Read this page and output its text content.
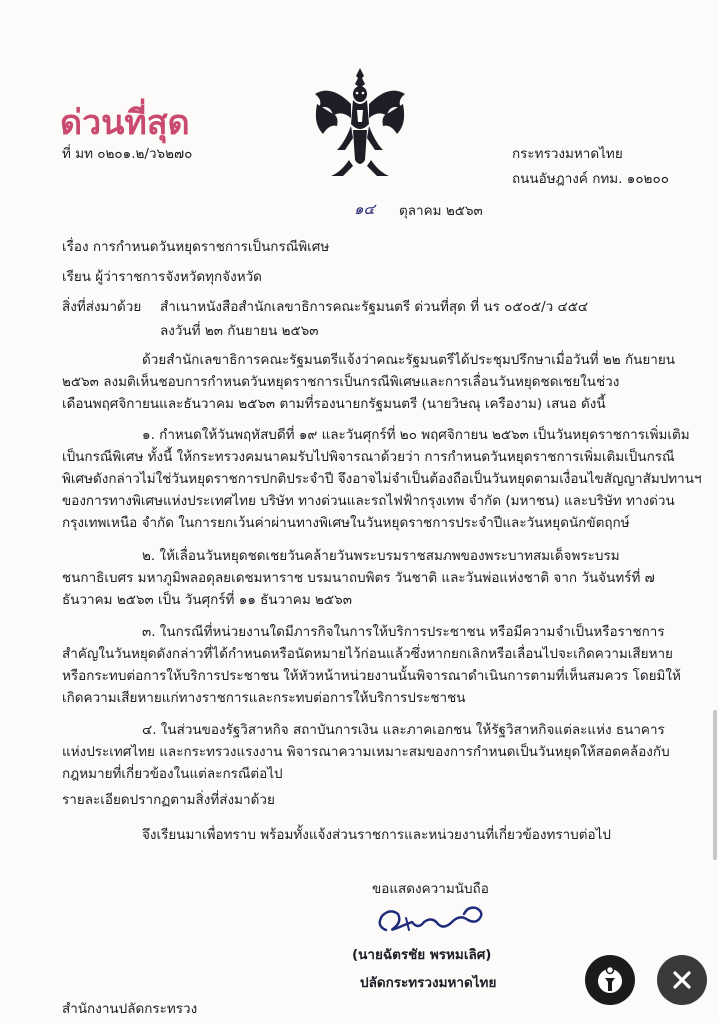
ด่วนที่สุด
ที่ มท ๐๒๐๑.๒/ว๖๒๗๐	กระทรวงมหาดไทย
ถนนอัษฎางค์ กทม. ๑๐๒๐๐
๑๔ ตุลาคม ๒๕๖๓
เรื่อง การกำหนดวันหยุดราชการเป็นกรณีพิเศษ
เรียน ผู้ว่าราชการจังหวัดทุกจังหวัด
สิ่งที่ส่งมาด้วย สำเนาหนังสือสำนักเลขาธิการคณะรัฐมนตรี ด่วนที่สุด ที่ นร ๐๕๐๕/ว ๔๕๔
ลงวันที่ ๒๓ กันยายน ๒๕๖๓
ด้วยสำนักเลขาธิการคณะรัฐมนตรีแจ้งว่าคณะรัฐมนตรีได้ประชุมปรึกษาเมื่อวันที่ ๒๒ กันยายน
๒๕๖๓ ลงมติเห็นชอบการกำหนดวันหยุดราชการเป็นกรณีพิเศษและการเลื่อนวันหยุดชดเชยในช่วง
เดือนพฤศจิกายนและธันวาคม ๒๕๖๓ ตามที่รองนายกรัฐมนตรี (นายวิษณุ เครืองาม) เสนอ ดังนี้
๑. กำหนดให้วันพฤหัสบดีที่ ๑๙ และวันศุกร์ที่ ๒๐ พฤศจิกายน ๒๕๖๓ เป็นวันหยุดราชการเพิ่มเติม
เป็นกรณีพิเศษ ทั้งนี้ ให้กระทรวงคมนาคมรับไปพิจารณาด้วยว่า การกำหนดวันหยุดราชการเพิ่มเติมเป็นกรณี
พิเศษดังกล่าวไม่ใช่วันหยุดราชการปกติประจำปี จึงอาจไม่จำเป็นต้องถือเป็นวันหยุดตามเงื่อนไขสัญญาสัมปทานฯ
ของการทางพิเศษแห่งประเทศไทย บริษัท ทางด่วนและรถไฟฟ้ากรุงเทพ จำกัด (มหาชน) และบริษัท ทางด่วน
กรุงเทพเหนือ จำกัด ในการยกเว้นค่าผ่านทางพิเศษในวันหยุดราชการประจำปีและวันหยุดนักขัตฤกษ์
๒. ให้เลื่อนวันหยุดชดเชยวันคล้ายวันพระบรมราชสมภพของพระบาทสมเด็จพระบรม
ชนกาธิเบศร มหาภูมิพลอดุลยเดชมหาราช บรมนาถบพิตร วันชาติ และวันพ่อแห่งชาติ จาก วันจันทร์ที่ ๗
ธันวาคม ๒๕๖๓ เป็น วันศุกร์ที่ ๑๑ ธันวาคม ๒๕๖๓
๓. ในกรณีที่หน่วยงานใดมีภารกิจในการให้บริการประชาชน หรือมีความจำเป็นหรือราชการ
สำคัญในวันหยุดดังกล่าวที่ได้กำหนดหรือนัดหมายไว้ก่อนแล้วซึ่งหากยกเลิกหรือเลื่อนไปจะเกิดความเสียหาย
หรือกระทบต่อการให้บริการประชาชน ให้หัวหน้าหน่วยงานนั้นพิจารณาดำเนินการตามที่เห็นสมควร โดยมิให้
เกิดความเสียหายแก่ทางราชการและกระทบต่อการให้บริการประชาชน
๔. ในส่วนของรัฐวิสาหกิจ สถาบันการเงิน และภาคเอกชน ให้รัฐวิสาหกิจแต่ละแห่ง ธนาคาร
แห่งประเทศไทย และกระทรวงแรงงาน พิจารณาความเหมาะสมของการกำหนดเป็นวันหยุดให้สอดคล้องกับ
กฎหมายที่เกี่ยวข้องในแต่ละกรณีต่อไป
รายละเอียดปรากฏตามสิ่งที่ส่งมาด้วย
จึงเรียนมาเพื่อทราบ พร้อมทั้งแจ้งส่วนราชการและหน่วยงานที่เกี่ยวข้องทราบต่อไป
ขอแสดงความนับถือ
(นายฉัตรชัย พรหมเลิศ)
ปลัดกระทรวงมหาดไทย
สำนักงานปลัดกระทรวง
